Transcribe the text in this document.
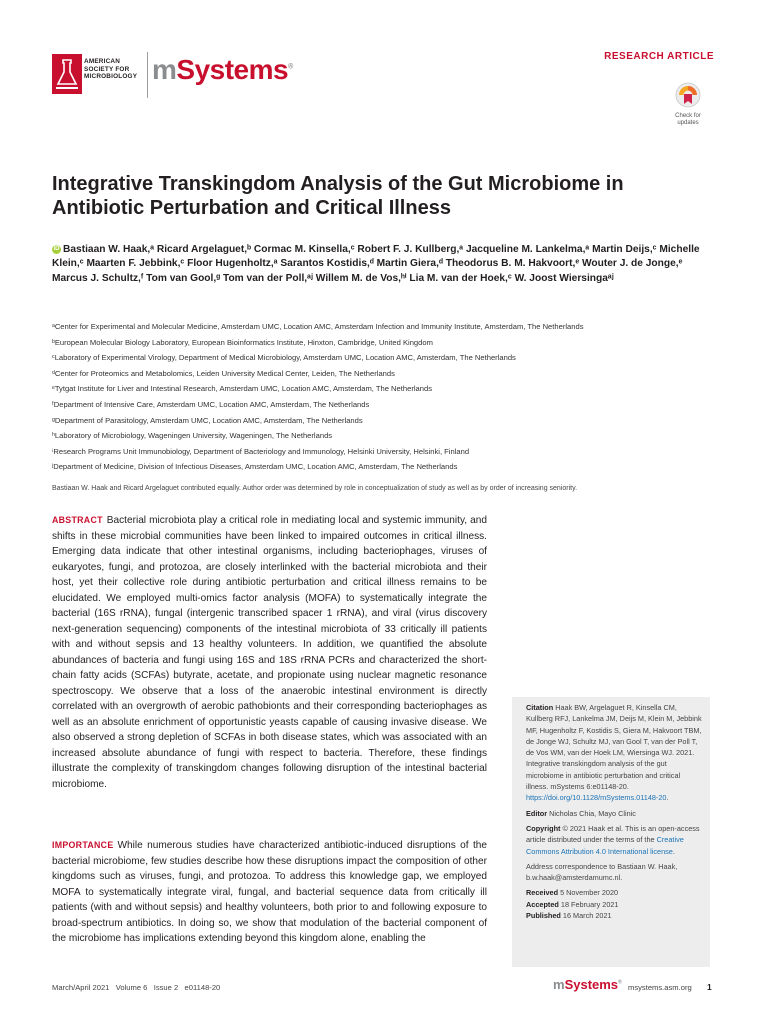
AMERICAN
SOCIETY FOR
MICROBIOLOGY mSystems®
RESEARCH ARTICLE
Check for
updates
Integrative Transkingdom Analysis of the Gut Microbiome in Antibiotic Perturbation and Critical Illness
iD Bastiaan W. Haak,ᵃ Ricard Argelaguet,ᵇ Cormac M. Kinsella,ᶜ Robert F. J. Kullberg,ᵃ Jacqueline M. Lankelma,ᵃ Martin Deijs,ᶜ Michelle Klein,ᶜ Maarten F. Jebbink,ᶜ Floor Hugenholtz,ᵃ Sarantos Kostidis,ᵈ Martin Giera,ᵈ Theodorus B. M. Hakvoort,ᵉ Wouter J. de Jonge,ᵉ Marcus J. Schultz,ᶠ Tom van Gool,ᵍ Tom van der Poll,ᵃʲ Willem M. de Vos,ʰⁱ Lia M. van der Hoek,ᶜ W. Joost Wiersingaᵃʲ
ᵃCenter for Experimental and Molecular Medicine, Amsterdam UMC, Location AMC, Amsterdam Infection and Immunity Institute, Amsterdam, The Netherlands
ᵇEuropean Molecular Biology Laboratory, European Bioinformatics Institute, Hinxton, Cambridge, United Kingdom
ᶜLaboratory of Experimental Virology, Department of Medical Microbiology, Amsterdam UMC, Location AMC, Amsterdam, The Netherlands
ᵈCenter for Proteomics and Metabolomics, Leiden University Medical Center, Leiden, The Netherlands
ᵉTytgat Institute for Liver and Intestinal Research, Amsterdam UMC, Location AMC, Amsterdam, The Netherlands
ᶠDepartment of Intensive Care, Amsterdam UMC, Location AMC, Amsterdam, The Netherlands
ᵍDepartment of Parasitology, Amsterdam UMC, Location AMC, Amsterdam, The Netherlands
ʰLaboratory of Microbiology, Wageningen University, Wageningen, The Netherlands
ⁱResearch Programs Unit Immunobiology, Department of Bacteriology and Immunology, Helsinki University, Helsinki, Finland
ʲDepartment of Medicine, Division of Infectious Diseases, Amsterdam UMC, Location AMC, Amsterdam, The Netherlands
Bastiaan W. Haak and Ricard Argelaguet contributed equally. Author order was determined by role in conceptualization of study as well as by order of increasing seniority.
ABSTRACT Bacterial microbiota play a critical role in mediating local and systemic immunity, and shifts in these microbial communities have been linked to impaired outcomes in critical illness. Emerging data indicate that other intestinal organisms, including bacteriophages, viruses of eukaryotes, fungi, and protozoa, are closely interlinked with the bacterial microbiota and their host, yet their collective role during antibiotic perturbation and critical illness remains to be elucidated. We employed multi-omics factor analysis (MOFA) to systematically integrate the bacterial (16S rRNA), fungal (intergenic transcribed spacer 1 rRNA), and viral (virus discovery next-generation sequencing) components of the intestinal microbiota of 33 critically ill patients with and without sepsis and 13 healthy volunteers. In addition, we quantified the absolute abundances of bacteria and fungi using 16S and 18S rRNA PCRs and characterized the short-chain fatty acids (SCFAs) butyrate, acetate, and propionate using nuclear magnetic resonance spectroscopy. We observe that a loss of the anaerobic intestinal environment is directly correlated with an overgrowth of aerobic pathobionts and their corresponding bacteriophages as well as an absolute enrichment of opportunistic yeasts capable of causing invasive disease. We also observed a strong depletion of SCFAs in both disease states, which was associated with an increased absolute abundance of fungi with respect to bacteria. Therefore, these findings illustrate the complexity of transkingdom changes following disruption of the intestinal bacterial microbiome.
IMPORTANCE While numerous studies have characterized antibiotic-induced disruptions of the bacterial microbiome, few studies describe how these disruptions impact the composition of other kingdoms such as viruses, fungi, and protozoa. To address this knowledge gap, we employed MOFA to systematically integrate viral, fungal, and bacterial sequence data from critically ill patients (with and without sepsis) and healthy volunteers, both prior to and following exposure to broad-spectrum antibiotics. In doing so, we show that modulation of the bacterial component of the microbiome has implications extending beyond this kingdom alone, enabling the

Citation Haak BW, Argelaguet R, Kinsella CM, Kullberg RFJ, Lankelma JM, Deijs M, Klein M, Jebbink MF, Hugenholtz F, Kostidis S, Giera M, Hakvoort TBM, de Jonge WJ, Schultz MJ, van Gool T, van der Poll T, de Vos WM, van der Hoek LM, Wiersinga WJ. 2021. Integrative transkingdom analysis of the gut microbiome in antibiotic perturbation and critical illness. mSystems 6:e01148-20. https://doi.org/10.1128/mSystems.01148-20.

Editor Nicholas Chia, Mayo Clinic

Copyright © 2021 Haak et al. This is an open-access article distributed under the terms of the Creative Commons Attribution 4.0 International license.

Address correspondence to Bastiaan W. Haak, b.w.haak@amsterdamumc.nl.

Received 5 November 2020
Accepted 18 February 2021
Published 16 March 2021
March/April 2021   Volume 6   Issue 2   e01148-20	mSystems®
msystems.asm.org 1
